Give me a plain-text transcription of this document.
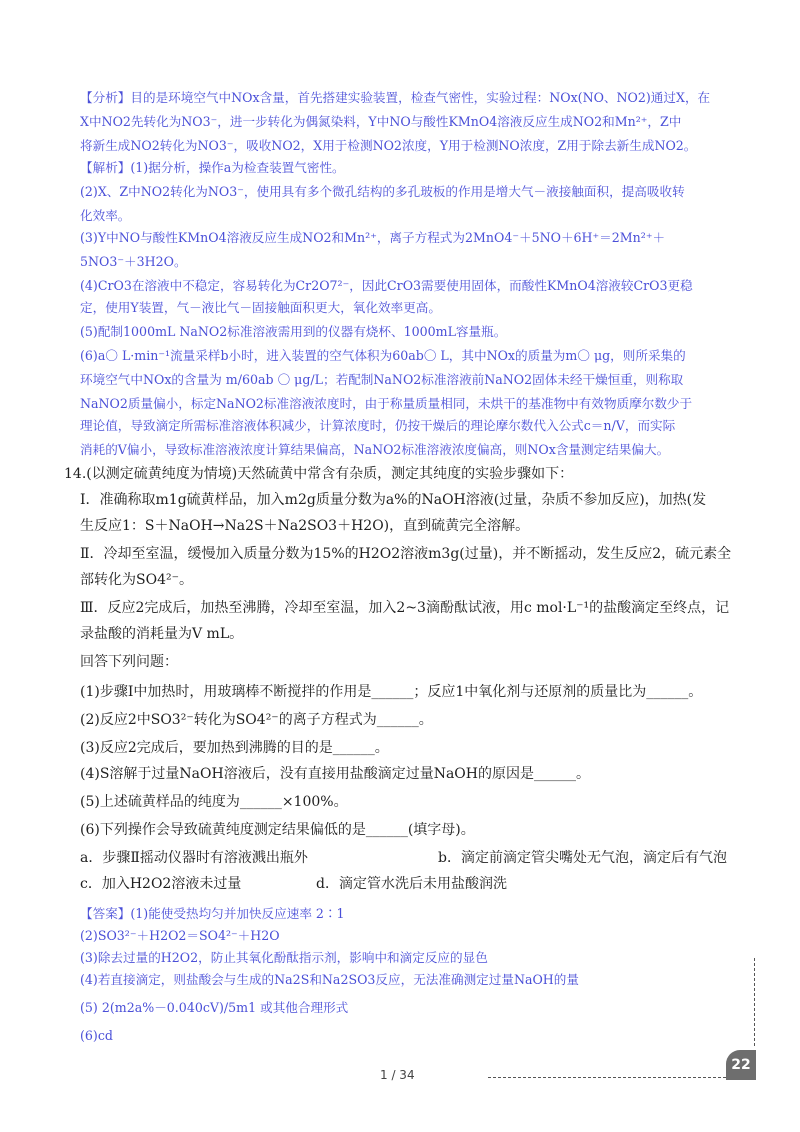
【分析】目的是环境空气中NOx含量，首先搭建实验装置，检查气密性，实验过程：NOx(NO、NO2)通过X，在
X中NO2先转化为NO3⁻，进一步转化为偶氮染料，Y中NO与酸性KMnO4溶液反应生成NO2和Mn²⁺，Z中
将新生成NO2转化为NO3⁻，吸收NO2，X用于检测NO2浓度，Y用于检测NO浓度，Z用于除去新生成NO2。
【解析】(1)据分析，操作a为检查装置气密性。
(2)X、Z中NO2转化为NO3⁻，使用具有多个微孔结构的多孔玻板的作用是增大气－液接触面积，提高吸收转
化效率。
(3)Y中NO与酸性KMnO4溶液反应生成NO2和Mn²⁺，离子方程式为2MnO4⁻＋5NO＋6H⁺＝2Mn²⁺＋
5NO3⁻＋3H2O。
(4)CrO3在溶液中不稳定，容易转化为Cr2O7²⁻，因此CrO3需要使用固体，而酸性KMnO4溶液较CrO3更稳
定，使用Y装置，气－液比气－固接触面积更大，氧化效率更高。
(5)配制1000mL NaNO2标准溶液需用到的仪器有烧杯、1000mL容量瓶。
(6)a〇 L·min⁻¹流量采样b小时，进入装置的空气体积为60ab〇 L，其中NOx的质量为m〇 μg，则所采集的
环境空气中NOx的含量为 m/60ab 〇 μg/L；若配制NaNO2标准溶液前NaNO2固体未经干燥恒重，则称取
NaNO2质量偏小，标定NaNO2标准溶液浓度时，由于称量质量相同，未烘干的基准物中有效物质摩尔数少于
理论值，导致滴定所需标准溶液体积减少，计算浓度时，仍按干燥后的理论摩尔数代入公式c＝n/V，而实际
消耗的V偏小，导致标准溶液浓度计算结果偏高，NaNO2标准溶液浓度偏高，则NOx含量测定结果偏大。
14.(以测定硫黄纯度为情境)天然硫黄中常含有杂质，测定其纯度的实验步骤如下：
Ⅰ．准确称取m1g硫黄样品，加入m2g质量分数为a%的NaOH溶液(过量，杂质不参加反应)，加热(发
生反应1：S＋NaOH→Na2S＋Na2SO3＋H2O)，直到硫黄完全溶解。
Ⅱ．冷却至室温，缓慢加入质量分数为15%的H2O2溶液m3g(过量)，并不断摇动，发生反应2，硫元素全
部转化为SO4²⁻。
Ⅲ．反应2完成后，加热至沸腾，冷却至室温，加入2~3滴酚酞试液，用c mol·L⁻¹的盐酸滴定至终点，记
录盐酸的消耗量为V mL。
回答下列问题：
(1)步骤Ⅰ中加热时，用玻璃棒不断搅拌的作用是______；反应1中氧化剂与还原剂的质量比为______。
(2)反应2中SO3²⁻转化为SO4²⁻的离子方程式为______。
(3)反应2完成后，要加热到沸腾的目的是______。
(4)S溶解于过量NaOH溶液后，没有直接用盐酸滴定过量NaOH的原因是______。
(5)上述硫黄样品的纯度为______×100%。
(6)下列操作会导致硫黄纯度测定结果偏低的是______(填字母)。
a．步骤Ⅱ摇动仪器时有溶液溅出瓶外	b．滴定前滴定管尖嘴处无气泡，滴定后有气泡
c．加入H2O2溶液未过量	d．滴定管水洗后未用盐酸润洗
【答案】(1)能使受热均匀并加快反应速率 2∶1
(2)SO3²⁻＋H2O2＝SO4²⁻＋H2O
(3)除去过量的H2O2，防止其氧化酚酞指示剂，影响中和滴定反应的显色
(4)若直接滴定，则盐酸会与生成的Na2S和Na2SO3反应，无法准确测定过量NaOH的量
(5) 2(m2a%－0.040cV)/5m1 或其他合理形式
(6)cd
1 / 34
22
